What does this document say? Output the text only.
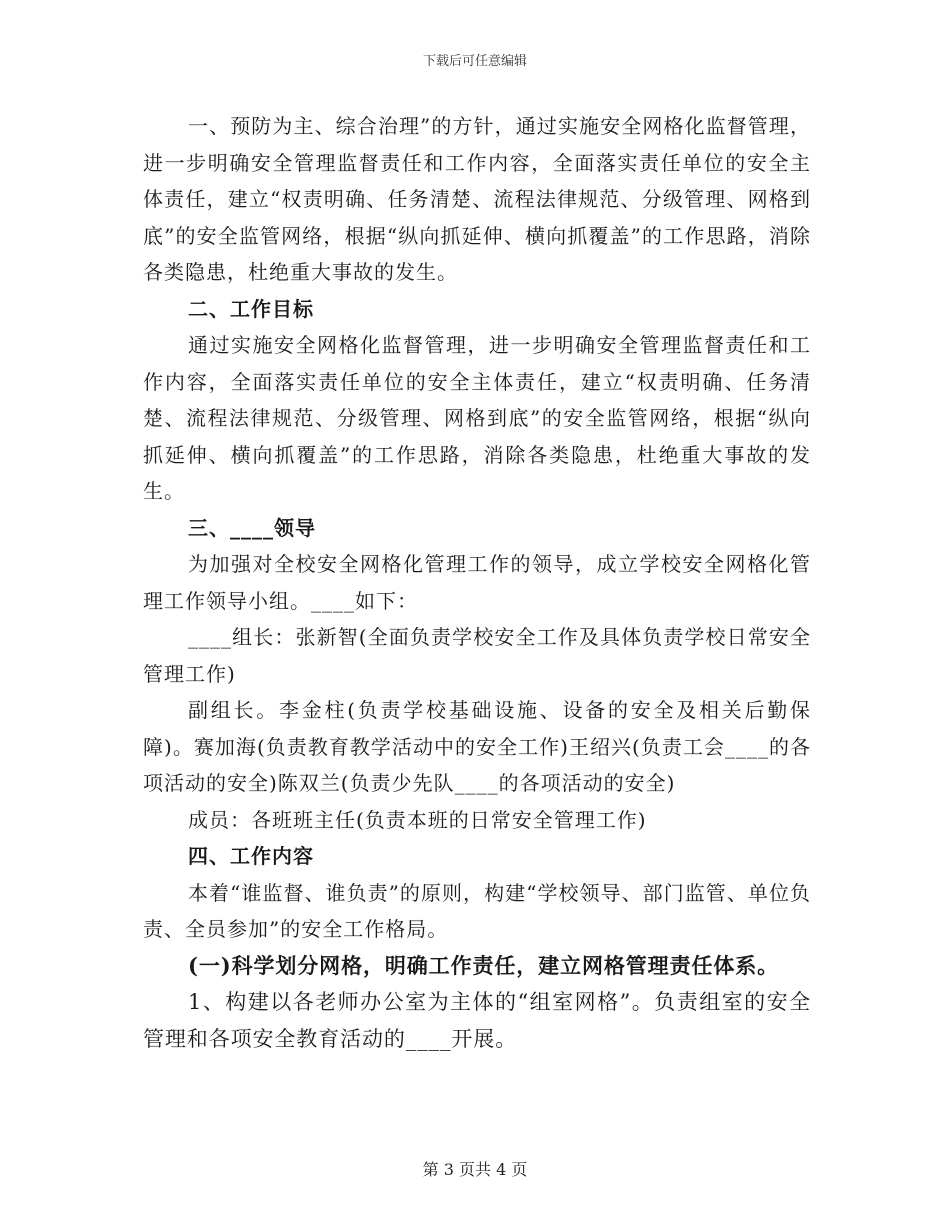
下载后可任意编辑

一、预防为主、综合治理”的方针，通过实施安全网格化监督管理，进一步明确安全管理监督责任和工作内容，全面落实责任单位的安全主体责任，建立“权责明确、任务清楚、流程法律规范、分级管理、网格到底”的安全监管网络，根据“纵向抓延伸、横向抓覆盖”的工作思路，消除各类隐患，杜绝重大事故的发生。

二、工作目标

通过实施安全网格化监督管理，进一步明确安全管理监督责任和工作内容，全面落实责任单位的安全主体责任，建立“权责明确、任务清楚、流程法律规范、分级管理、网格到底”的安全监管网络，根据“纵向抓延伸、横向抓覆盖”的工作思路，消除各类隐患，杜绝重大事故的发生。

三、____领导

为加强对全校安全网格化管理工作的领导，成立学校安全网格化管理工作领导小组。____如下：

____组长：张新智(全面负责学校安全工作及具体负责学校日常安全管理工作)

副组长。李金柱(负责学校基础设施、设备的安全及相关后勤保障)。赛加海(负责教育教学活动中的安全工作)王绍兴(负责工会____的各项活动的安全)陈双兰(负责少先队____的各项活动的安全)

成员：各班班主任(负责本班的日常安全管理工作)

四、工作内容

本着“谁监督、谁负责”的原则，构建“学校领导、部门监管、单位负责、全员参加”的安全工作格局。

(一)科学划分网格，明确工作责任，建立网格管理责任体系。

1、构建以各老师办公室为主体的“组室网格”。负责组室的安全管理和各项安全教育活动的____开展。

第 3 页共 4 页
